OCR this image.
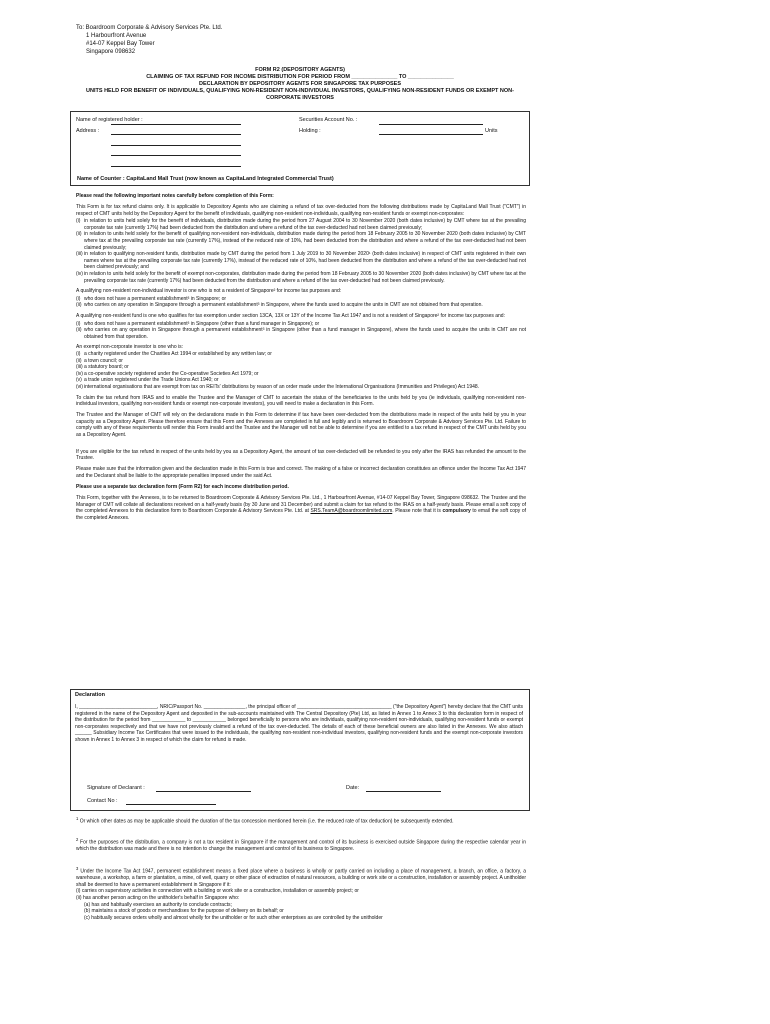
To: Boardroom Corporate & Advisory Services Pte. Ltd.
1 Harbourfront Avenue
#14-07 Keppel Bay Tower
Singapore 098632
FORM R2 (DEPOSITORY AGENTS)
CLAIMING OF TAX REFUND FOR INCOME DISTRIBUTION FOR PERIOD FROM _______________ TO _______________
DECLARATION BY DEPOSITORY AGENTS FOR SINGAPORE TAX PURPOSES
UNITS HELD FOR BENEFIT OF INDIVIDUALS, QUALIFYING NON-RESIDENT NON-INDIVIDUAL INVESTORS, QUALIFYING NON-RESIDENT FUNDS OR EXEMPT NON-CORPORATE INVESTORS
Name of registered holder :
Address :
Securities Account No. :
Holding :	Units
Name of Counter : CapitaLand Mall Trust (now known as CapitaLand Integrated Commercial Trust)

Please read the following important notes carefully before completion of this Form:

This Form is for tax refund claims only. It is applicable to Depository Agents who are claiming a refund of tax over-deducted from the following distributions made by CapitaLand Mall Trust ("CMT") in respect of CMT units held by the Depository Agent for the benefit of individuals, qualifying non-resident non-individuals, qualifying non-resident funds or exempt non-corporates:

(i) in relation to units held solely for the benefit of individuals, distribution made during the period from 27 August 2004 to 30 November 2020 (both dates inclusive) by CMT where tax at the prevailing corporate tax rate (currently 17%) had been deducted from the distribution and where a refund of the tax over-deducted had not been claimed previously;
(ii) in relation to units held solely for the benefit of qualifying non-resident non-individuals, distribution made during the period from 18 February 2005 to 30 November 2020 (both dates inclusive) by CMT where tax at the prevailing corporate tax rate (currently 17%), instead of the reduced rate of 10%, had been deducted from the distribution and where a refund of the tax over-deducted had not been claimed previously;
(iii) in relation to qualifying non-resident funds, distribution made by CMT during the period from 1 July 2019 to 30 November 2020¹ (both dates inclusive) in respect of CMT units registered in their own names where tax at the prevailing corporate tax rate (currently 17%), instead of the reduced rate of 10%, had been deducted from the distribution and where a refund of the tax over-deducted had not been claimed previously; and
(iv) in relation to units held solely for the benefit of exempt non-corporates, distribution made during the period from 18 February 2005 to 30 November 2020 (both dates inclusive) by CMT where tax at the prevailing corporate tax rate (currently 17%) had been deducted from the distribution and where a refund of the tax over-deducted had not been claimed previously.

A qualifying non-resident non-individual investor is one who is not a resident of Singapore² for income tax purposes and:

(i) who does not have a permanent establishment³ in Singapore; or
(ii) who carries on any operation in Singapore through a permanent establishment³ in Singapore, where the funds used to acquire the units in CMT are not obtained from that operation.

A qualifying non-resident fund is one who qualifies for tax exemption under section 13CA, 13X or 13Y of the Income Tax Act 1947 and is not a resident of Singapore² for income tax purposes and:

(i) who does not have a permanent establishment³ in Singapore (other than a fund manager in Singapore); or
(ii) who carries on any operation in Singapore through a permanent establishment³ in Singapore (other than a fund manager in Singapore), where the funds used to acquire the units in CMT are not obtained from that operation.

An exempt non-corporate investor is one who is:

(i) a charity registered under the Charities Act 1994 or established by any written law; or
(ii) a town council; or
(iii) a statutory board; or
(iv) a co-operative society registered under the Co-operative Societies Act 1979; or
(v) a trade union registered under the Trade Unions Act 1940; or
(vi) international organisations that are exempt from tax on REITs' distributions by reason of an order made under the International Organisations (Immunities and Privileges) Act 1948.

To claim the tax refund from IRAS and to enable the Trustee and the Manager of CMT to ascertain the status of the beneficiaries to the units held by you (ie individuals, qualifying non-resident non-individual investors, qualifying non-resident funds or exempt non-corporate investors), you will need to make a declaration in this Form.

The Trustee and the Manager of CMT will rely on the declarations made in this Form to determine if tax have been over-deducted from the distributions made in respect of the units held by you in your capacity as a Depository Agent. Please therefore ensure that this Form and the Annexes are completed in full and legibly and is returned to Boardroom Corporate & Advisory Services Pte. Ltd. Failure to comply with any of these requirements will render this Form invalid and the Trustee and the Manager will not be able to determine if you are entitled to a tax refund in respect of the CMT units held by you as a Depository Agent.

If you are eligible for the tax refund in respect of the units held by you as a Depository Agent, the amount of tax over-deducted will be refunded to you only after the IRAS has refunded the amount to the Trustee.

Please make sure that the information given and the declaration made in this Form is true and correct. The making of a false or incorrect declaration constitutes an offence under the Income Tax Act 1947 and the Declarant shall be liable to the appropriate penalties imposed under the said Act.

Please use a separate tax declaration form (Form R2) for each income distribution period.

This Form, together with the Annexes, is to be returned to Boardroom Corporate & Advisory Services Pte. Ltd., 1 Harbourfront Avenue, #14-07 Keppel Bay Tower, Singapore 098632. The Trustee and the Manager of CMT will collate all declarations received on a half-yearly basis (by 30 June and 31 December) and submit a claim for tax refund to the IRAS on a half-yearly basis. Please email a soft copy of the completed Annexes to this declaration form to Boardroom Corporate & Advisory Services Pte. Ltd. at SRS.TeamA@boardroomlimited.com. Please note that it is compulsory to email the soft copy of the completed Annexes.

Declaration
I, ____________________________, NRIC/Passport No. _______________, the principal officer of __________________________________ ("the Depository Agent") hereby declare that the CMT units registered in the name of the Depository Agent and deposited in the sub-accounts maintained with The Central Depository (Pte) Ltd, as listed in Annex 1 to Annex 3 to this declaration form in respect of the distribution for the period from ____________ to ____________ belonged beneficially to persons who are individuals, qualifying non-resident non-individuals, qualifying non-resident funds or exempt non-corporates respectively and that we have not previously claimed a refund of the tax over-deducted. The details of each of these beneficial owners are also listed in the Annexes. We also attach ______ Subsidiary Income Tax Certificates that were issued to the individuals, the qualifying non-resident non-individual investors, qualifying non-resident funds and the exempt non-corporate investors shown in Annex 1 to Annex 3 in respect of which the claim for refund is made.
Signature of Declarant :	Date:
Contact No :

$^1$ Or which other dates as may be applicable should the duration of the tax concession mentioned herein (i.e. the reduced rate of tax deduction) be subsequently extended.

$^2$ For the purposes of the distribution, a company is not a tax resident in Singapore if the management and control of its business is exercised outside Singapore during the respective calendar year in which the distribution was made and there is no intention to change the management and control of its business to Singapore.

$^3$ Under the Income Tax Act 1947, permanent establishment means a fixed place where a business is wholly or partly carried on including a place of management, a branch, an office, a factory, a warehouse, a workshop, a farm or plantation, a mine, oil well, quarry or other place of extraction of natural resources, a building or work site or a construction, installation or assembly project. A unitholder shall be deemed to have a permanent establishment in Singapore if it:

(i) carries on supervisory activities in connection with a building or work site or a construction, installation or assembly project; or

(ii) has another person acting on the unitholder's behalf in Singapore who:

(a) has and habitually exercises an authority to conclude contracts;

(b) maintains a stock of goods or merchandises for the purpose of delivery on its behalf; or

(c) habitually secures orders wholly and almost wholly for the unitholder or for such other enterprises as are controlled by the unitholder
